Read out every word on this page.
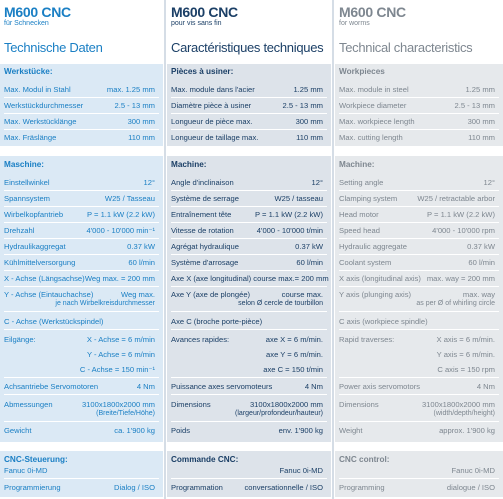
M600 CNC
für Schnecken
Technische Daten
Werkstücke:
Max. Modul in Stahl	max. 1.25 mm
Werkstückdurchmesser	2.5 - 13 mm
Max. Werkstücklänge	300 mm
Max. Fräslänge	110 mm
Maschine:
Einstellwinkel	12°
Spannsystem	W25 / Tasseau
Wirbelkopfantrieb	P = 1.1 kW (2.2 kW)
Drehzahl	4'000 - 10'000 min⁻¹
Hydraulikaggregat	0.37 kW
Kühlmittelversorgung	60 l/min
X - Achse (Längsachse) Weg max. = 200 mm
Y - Achse (Eintauchachse)	Weg max.
je nach Wirbelkreisdurchmesser
C - Achse (Werkstückspindel)
Eilgänge:	X - Achse = 6 m/min
Y - Achse = 6 m/min
C - Achse = 150 min⁻¹
Achsantriebe Servomotoren	4 Nm
Abmessungen	3100x1800x2000 mm
(Breite/Tiefe/Höhe)
Gewicht	ca. 1'900 kg
CNC-Steuerung:
Fanuc 0i-MD
Programmierung	Dialog / ISO
M600 CNC
pour vis sans fin
Caractéristiques techniques
Pièces à usiner:
Max. module dans l'acier	1.25 mm
Diamètre pièce à usiner	2.5 - 13 mm
Longueur de pièce max.	300 mm
Longueur de taillage max.	110 mm
Machine:
Angle d'inclinaison	12°
Système de serrage	W25 / tasseau
Entraînement tête	P = 1.1 kW (2.2 kW)
Vitesse de rotation	4'000 - 10'000 t/min
Agrégat hydraulique	0.37 kW
Système d'arrosage	60 l/min
Axe X (axe longitudinal) course max. = 200 mm
Axe Y (axe de plongée)	course max.
selon Ø cercle de tourbillon
Axe C (broche porte-pièce)
Avances rapides:	axe X = 6 m/min.
axe Y = 6 m/min.
axe C = 150 t/min
Puissance axes servomoteurs	4 Nm
Dimensions	3100x1800x2000 mm
(largeur/profondeur/hauteur)
Poids	env. 1'900 kg
Commande CNC:
Fanuc 0i-MD
Programmation	conversationnelle / ISO
M600 CNC
for worms
Technical characteristics
Workpieces
Max. module in steel	1.25 mm
Workpiece diameter	2.5 - 13 mm
Max. workpiece length	300 mm
Max. cutting length	110 mm
Machine:
Setting angle	12°
Clamping system	W25 / retractable arbor
Head motor	P = 1.1 kW (2.2 kW)
Speed head	4'000 - 10'000 rpm
Hydraulic aggregate	0.37 kW
Coolant system	60 l/min
X axis (longitudinal axis) max. way = 200 mm
Y axis (plunging axis)	max. way
as per Ø of whirling circle
C axis (workpiece spindle)
Rapid traverses:	X axis = 6 m/min.
Y axis = 6 m/min.
C axis = 150 rpm
Power axis servomotors	4 Nm
Dimensions	3100x1800x2000 mm
(width/depth/height)
Weight	approx. 1'900 kg
CNC control:
Fanuc 0i-MD
Programming	dialogue / ISO
